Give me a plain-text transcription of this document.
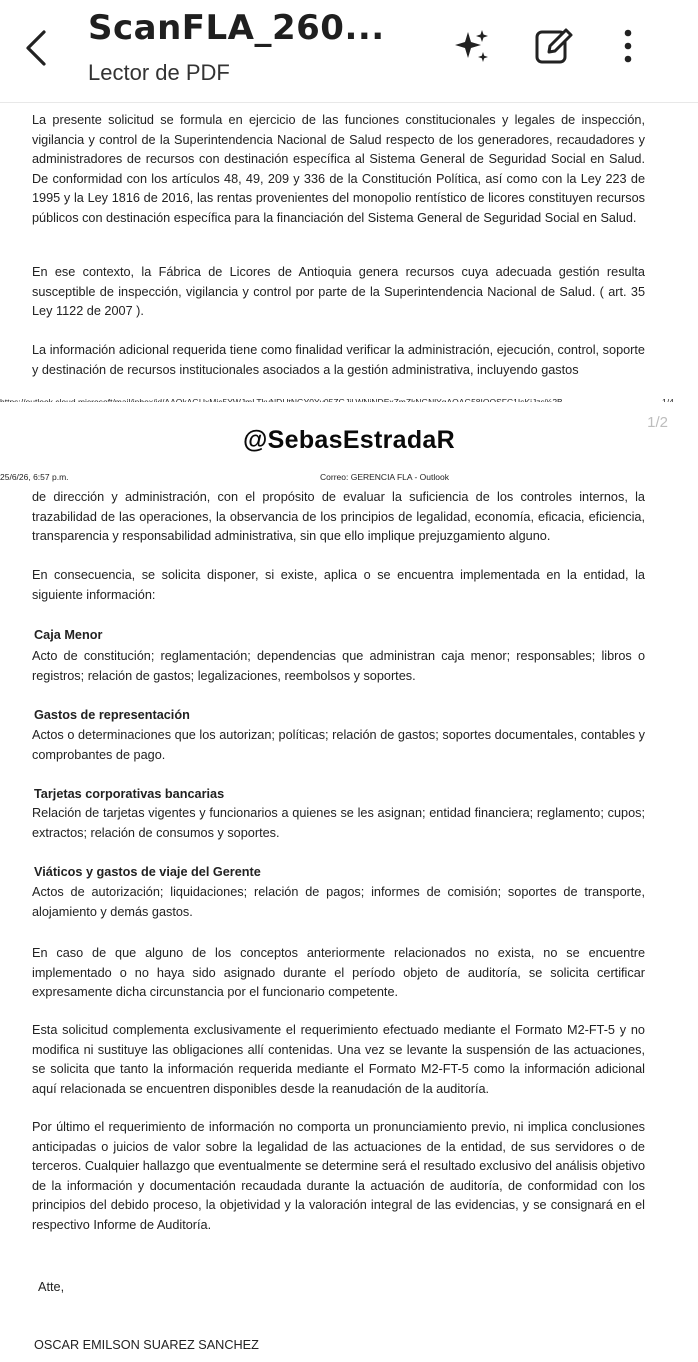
ScanFLA_260...
Lector de PDF
La presente solicitud se formula en ejercicio de las funciones constitucionales y legales de inspección, vigilancia y control de la Superintendencia Nacional de Salud respecto de los generadores, recaudadores y administradores de recursos con destinación específica al Sistema General de Seguridad Social en Salud. De conformidad con los artículos 48, 49, 209 y 336 de la Constitución Política, así como con la Ley 223 de 1995 y la Ley 1816 de 2016, las rentas provenientes del monopolio rentístico de licores constituyen recursos públicos con destinación específica para la financiación del Sistema General de Seguridad Social en Salud.
En ese contexto, la Fábrica de Licores de Antioquia genera recursos cuya adecuada gestión resulta susceptible de inspección, vigilancia y control por parte de la Superintendencia Nacional de Salud. ( art. 35 Ley 1122 de 2007 ).
La información adicional requerida tiene como finalidad verificar la administración, ejecución, control, soporte y destinación de recursos institucionales asociados a la gestión administrativa, incluyendo gastos
1/2
@SebasEstradaR
25/6/26, 6:57 p.m.	Correo: GERENCIA FLA - Outlook
de dirección y administración, con el propósito de evaluar la suficiencia de los controles internos, la trazabilidad de las operaciones, la observancia de los principios de legalidad, economía, eficacia, eficiencia, transparencia y responsabilidad administrativa, sin que ello implique prejuzgamiento alguno.
En consecuencia, se solicita disponer, si existe, aplica o se encuentra implementada en la entidad, la siguiente información:
Caja Menor
Acto de constitución; reglamentación; dependencias que administran caja menor; responsables; libros o registros; relación de gastos; legalizaciones, reembolsos y soportes.
Gastos de representación
Actos o determinaciones que los autorizan; políticas; relación de gastos; soportes documentales, contables y comprobantes de pago.
Tarjetas corporativas bancarias
Relación de tarjetas vigentes y funcionarios a quienes se les asignan; entidad financiera; reglamento; cupos; extractos; relación de consumos y soportes.
Viáticos y gastos de viaje del Gerente
Actos de autorización; liquidaciones; relación de pagos; informes de comisión; soportes de transporte, alojamiento y demás gastos.
En caso de que alguno de los conceptos anteriormente relacionados no exista, no se encuentre implementado o no haya sido asignado durante el período objeto de auditoría, se solicita certificar expresamente dicha circunstancia por el funcionario competente.
Esta solicitud complementa exclusivamente el requerimiento efectuado mediante el Formato M2-FT-5 y no modifica ni sustituye las obligaciones allí contenidas. Una vez se levante la suspensión de las actuaciones, se solicita que tanto la información requerida mediante el Formato M2-FT-5 como la información adicional aquí relacionada se encuentren disponibles desde la reanudación de la auditoría.
Por último el requerimiento de información no comporta un pronunciamiento previo, ni implica conclusiones anticipadas o juicios de valor sobre la legalidad de las actuaciones de la entidad, de sus servidores o de terceros. Cualquier hallazgo que eventualmente se determine será el resultado exclusivo del análisis objetivo de la información y documentación recaudada durante la actuación de auditoría, de conformidad con los principios del debido proceso, la objetividad y la valoración integral de las evidencias, y se consignará en el respectivo Informe de Auditoría.
Atte,
OSCAR EMILSON SUAREZ SANCHEZ
